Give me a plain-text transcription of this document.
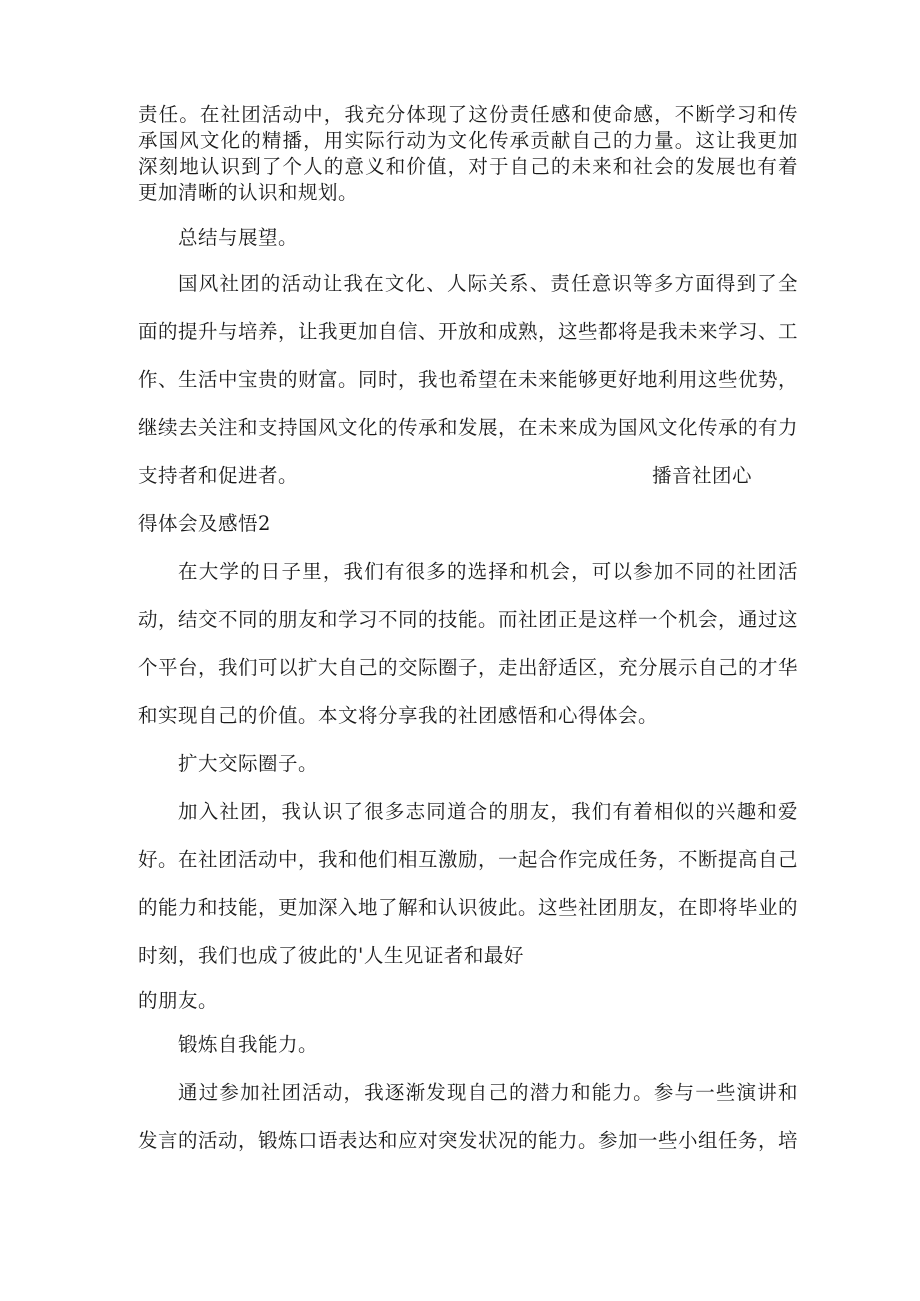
责任。在社团活动中，我充分体现了这份责任感和使命感，不断学习和传
承国风文化的精播，用实际行动为文化传承贡献自己的力量。这让我更加
深刻地认识到了个人的意义和价值，对于自己的未来和社会的发展也有着
更加清晰的认识和规划。
总结与展望。
国风社团的活动让我在文化、人际关系、责任意识等多方面得到了全
面的提升与培养，让我更加自信、开放和成熟，这些都将是我未来学习、工
作、生活中宝贵的财富。同时，我也希望在未来能够更好地利用这些优势，
继续去关注和支持国风文化的传承和发展，在未来成为国风文化传承的有力
支持者和促进者。	播音社团心
得体会及感悟2
在大学的日子里，我们有很多的选择和机会，可以参加不同的社团活
动，结交不同的朋友和学习不同的技能。而社团正是这样一个机会，通过这
个平台，我们可以扩大自己的交际圈子，走出舒适区，充分展示自己的才华
和实现自己的价值。本文将分享我的社团感悟和心得体会。
扩大交际圈子。
加入社团，我认识了很多志同道合的朋友，我们有着相似的兴趣和爱
好。在社团活动中，我和他们相互激励，一起合作完成任务，不断提高自己
的能力和技能，更加深入地了解和认识彼此。这些社团朋友，在即将毕业的
时刻，我们也成了彼此的'人生见证者和最好
的朋友。
锻炼自我能力。
通过参加社团活动，我逐渐发现自己的潜力和能力。参与一些演讲和
发言的活动，锻炼口语表达和应对突发状况的能力。参加一些小组任务，培
